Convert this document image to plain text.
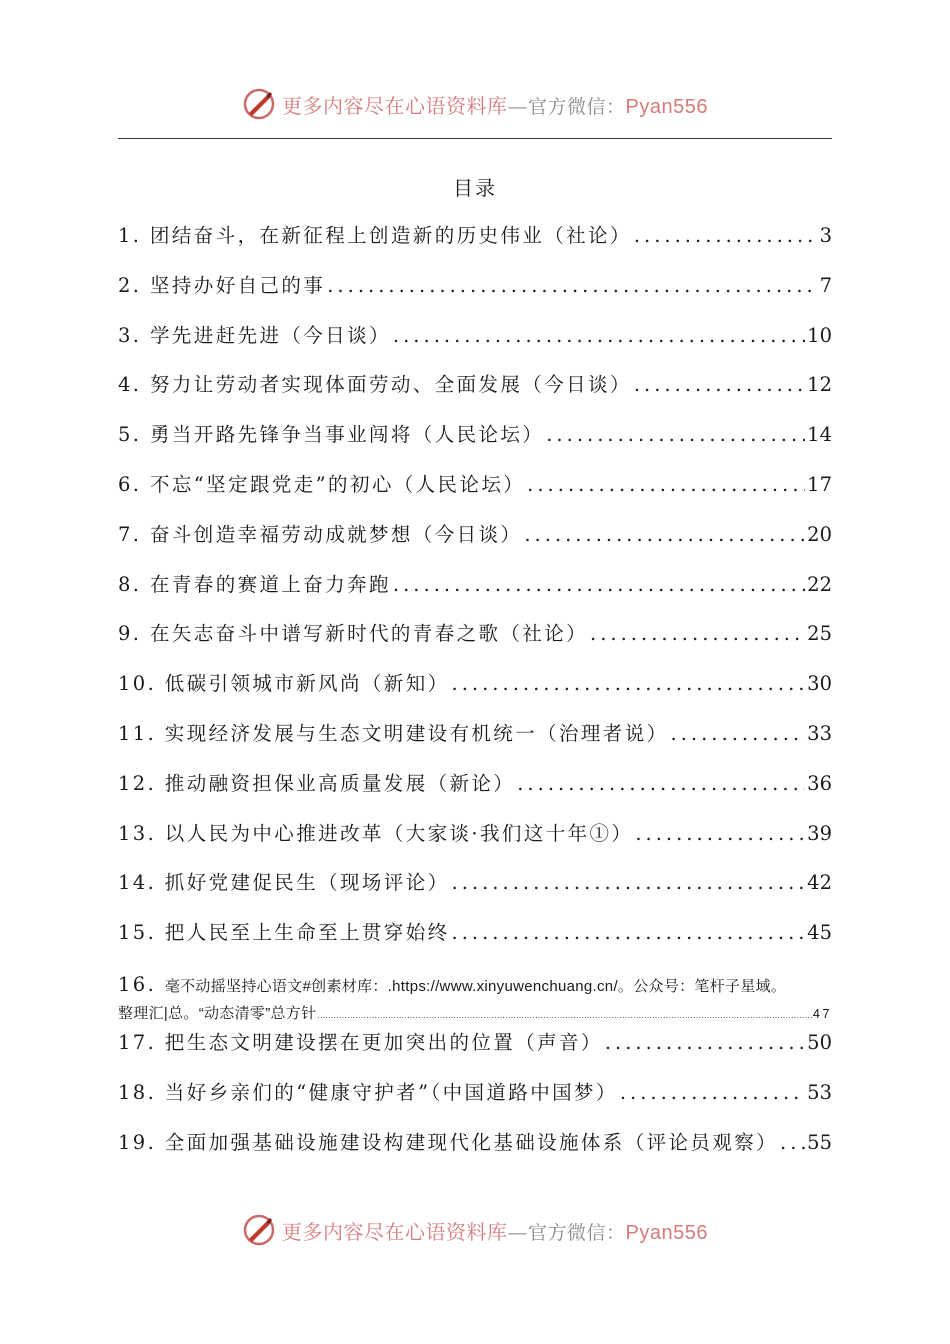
更多内容尽在心语资料库—官方微信：Pyan556
目录
1. 团结奋斗，在新征程上创造新的历史伟业（社论） .....	3
2. 坚持办好自己的事 .....	7
3. 学先进赶先进（今日谈） .....	10
4. 努力让劳动者实现体面劳动、全面发展（今日谈） .....	12
5. 勇当开路先锋争当事业闯将（人民论坛） .....	14
6. 不忘“坚定跟党走”的初心（人民论坛） .....	17
7. 奋斗创造幸福劳动成就梦想（今日谈） .....	20
8. 在青春的赛道上奋力奔跑 .....	22
9. 在矢志奋斗中谱写新时代的青春之歌（社论） .....	25
10. 低碳引领城市新风尚（新知） .....	30
11. 实现经济发展与生态文明建设有机统一（治理者说） .....	33
12. 推动融资担保业高质量发展（新论） .....	36
13. 以人民为中心推进改革（大家谈·我们这十年①） .....	39
14. 抓好党建促民生（现场评论） .....	42
15. 把人民至上生命至上贯穿始终 .....	45
16. 毫不动摇坚持心语文#创素材库：.https://www.xinyuwenchuang.cn/。公众号：笔杆子星域。
整理汇|总。“动态清零”总方针 .....	47
17. 把生态文明建设摆在更加突出的位置（声音） .....	50
18. 当好乡亲们的“健康守护者”（中国道路中国梦） .....	53
19. 全面加强基础设施建设构建现代化基础设施体系（评论员观察） ..... 55
更多内容尽在心语资料库—官方微信：Pyan556
